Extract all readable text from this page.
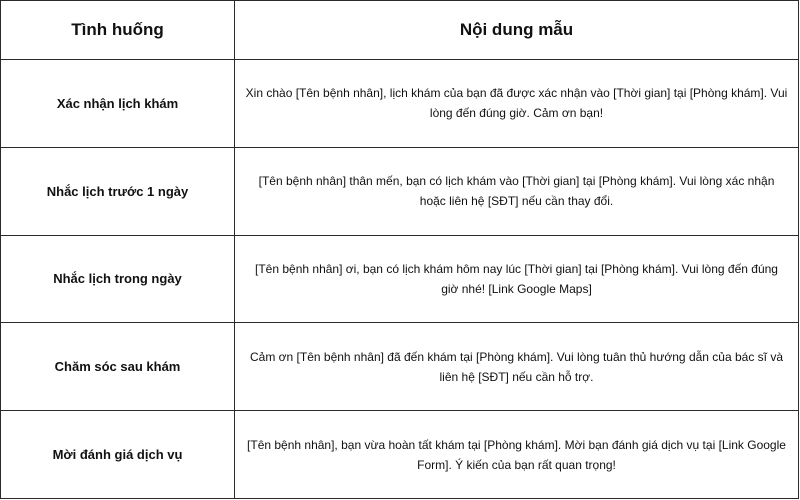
Tình huống	Nội dung mẫu
Xác nhận lịch khám	Xin chào [Tên bệnh nhân], lịch khám của bạn đã được xác nhận vào [Thời gian] tại [Phòng khám]. Vui lòng đến đúng giờ. Cảm ơn bạn!
Nhắc lịch trước 1 ngày	[Tên bệnh nhân] thân mến, bạn có lịch khám vào [Thời gian] tại [Phòng khám]. Vui lòng xác nhận hoặc liên hệ [SĐT] nếu cần thay đổi.
Nhắc lịch trong ngày	[Tên bệnh nhân] ơi, bạn có lịch khám hôm nay lúc [Thời gian] tại [Phòng khám]. Vui lòng đến đúng giờ nhé! [Link Google Maps]
Chăm sóc sau khám	Cảm ơn [Tên bệnh nhân] đã đến khám tại [Phòng khám]. Vui lòng tuân thủ hướng dẫn của bác sĩ và liên hệ [SĐT] nếu cần hỗ trợ.
Mời đánh giá dịch vụ	[Tên bệnh nhân], bạn vừa hoàn tất khám tại [Phòng khám]. Mời bạn đánh giá dịch vụ tại [Link Google Form]. Ý kiến của bạn rất quan trọng!
